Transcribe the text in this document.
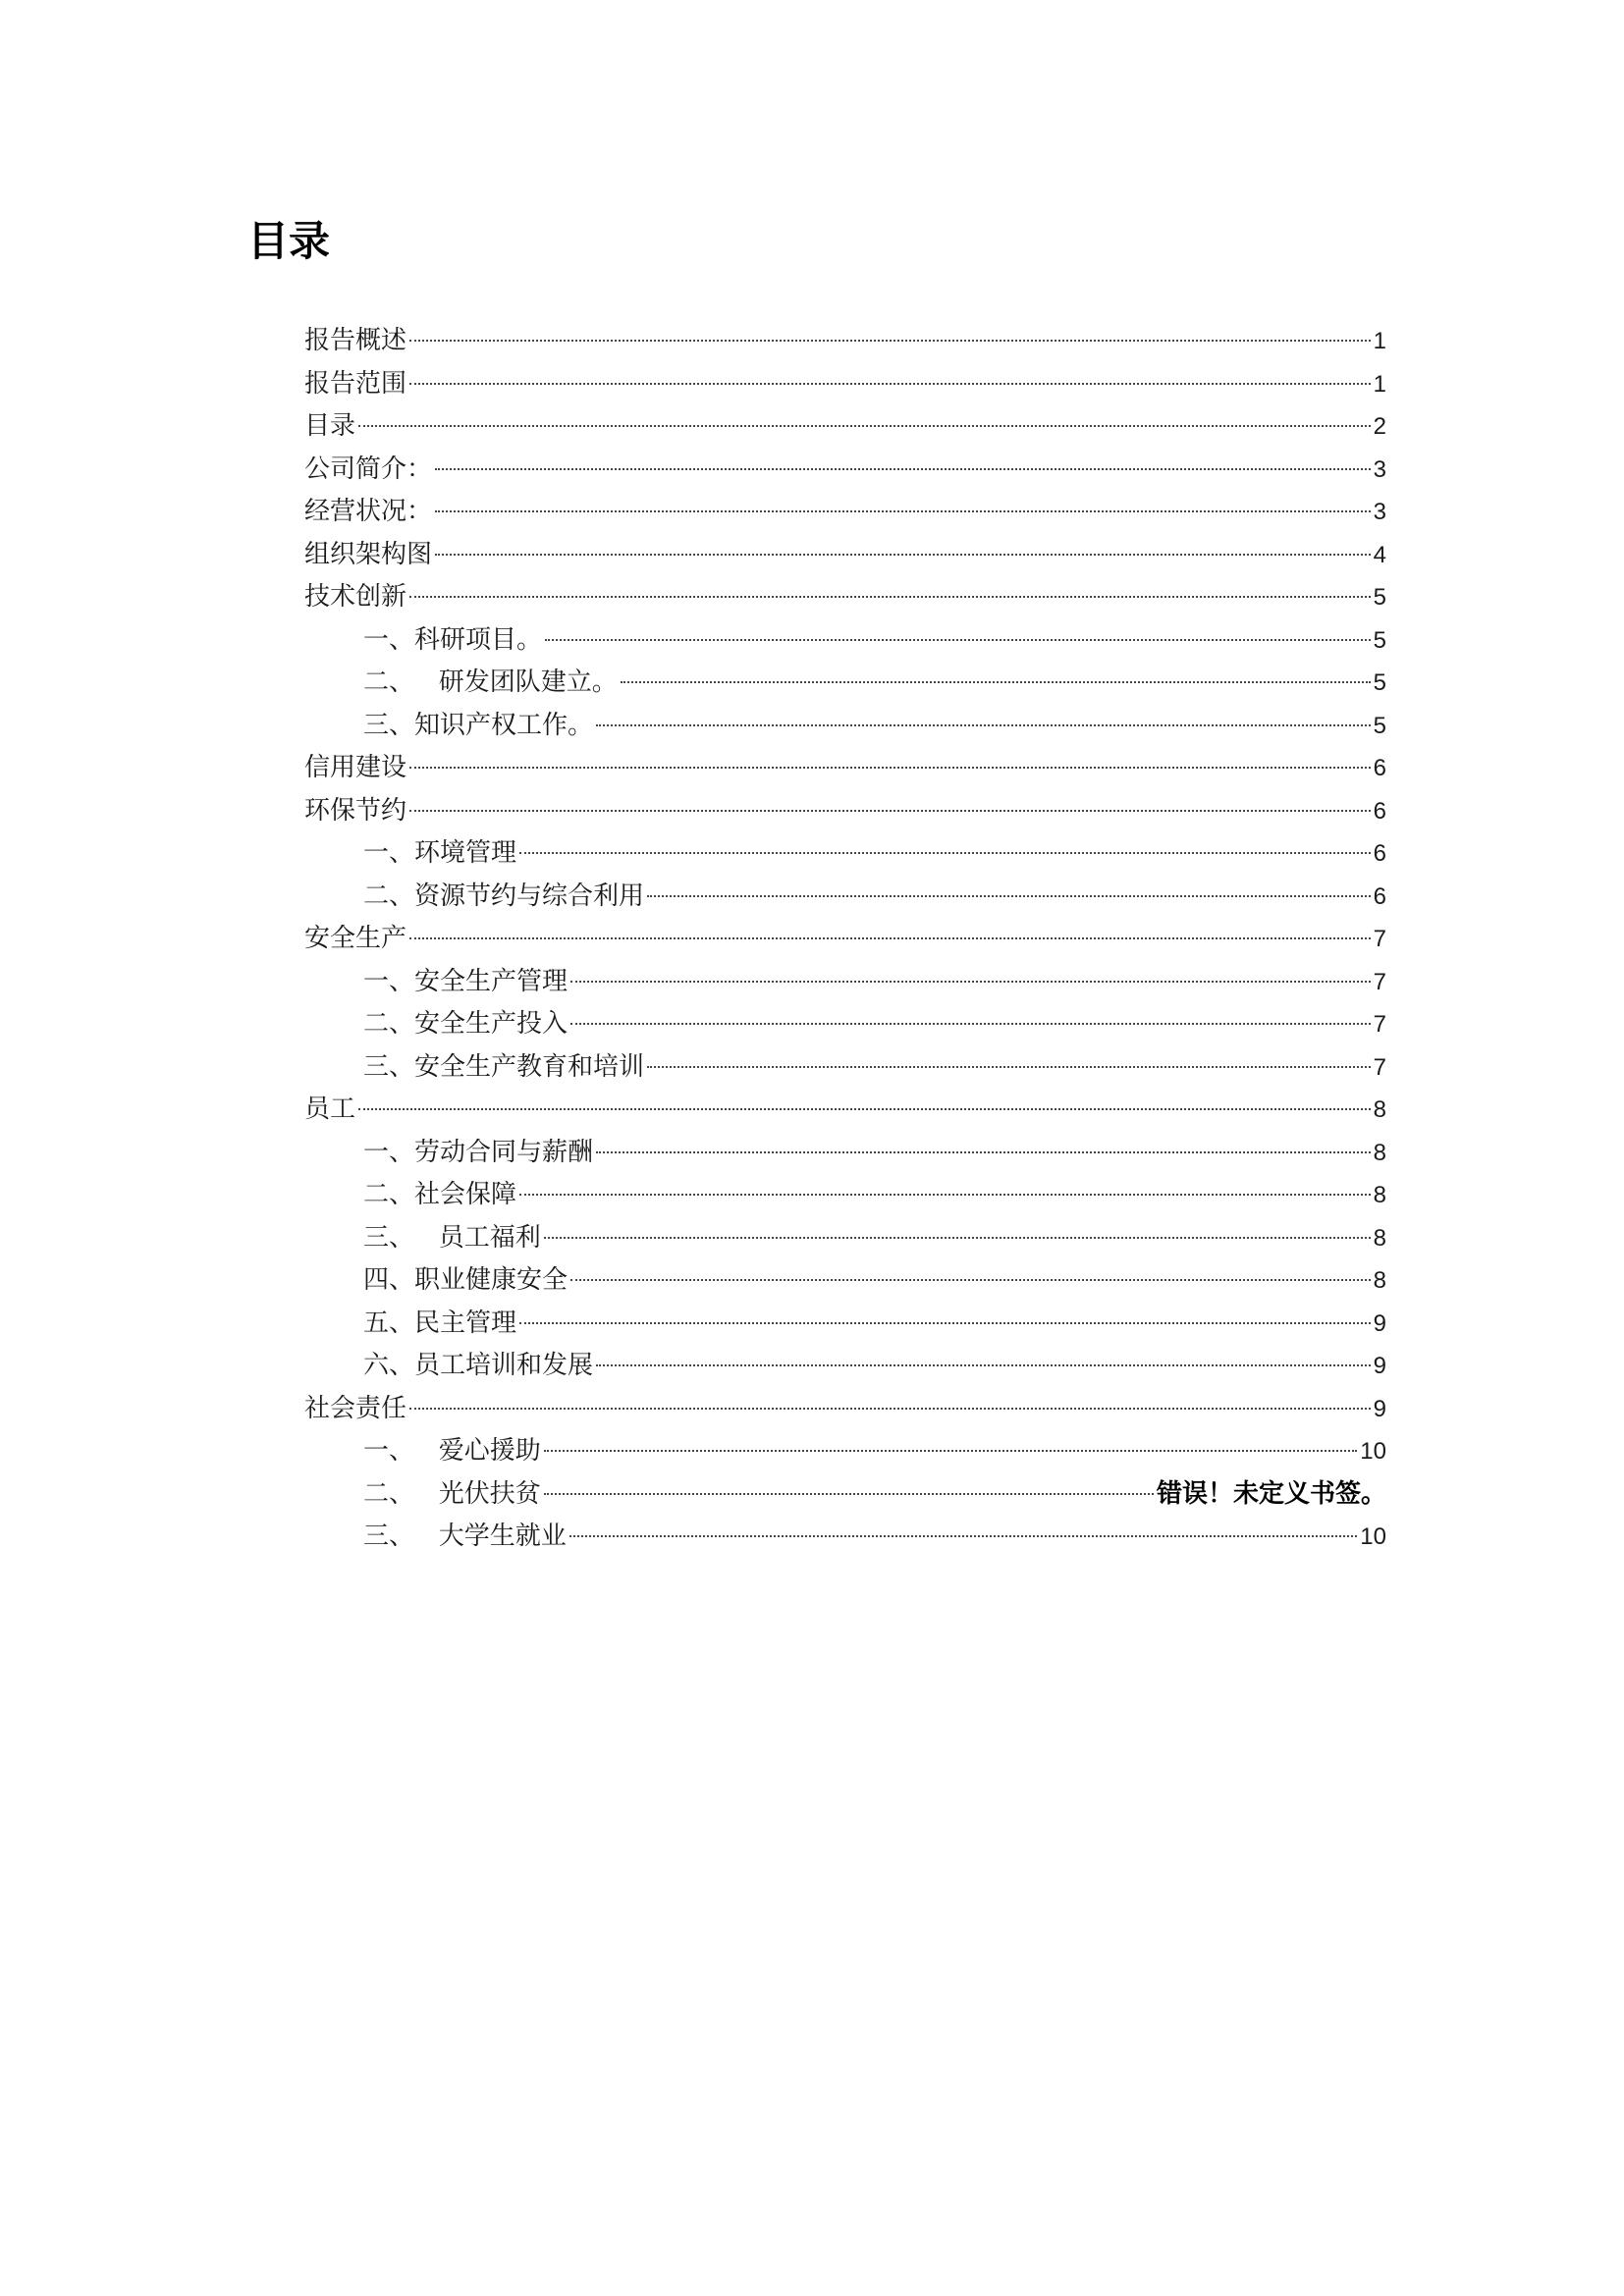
目录
报告概述	1
报告范围	1
目录	2
公司简介：	3
经营状况：	3
组织架构图	4
技术创新	5
一、科研项目。	5
二、   研发团队建立。	5
三、知识产权工作。	5
信用建设	6
环保节约	6
一、环境管理	6
二、资源节约与综合利用	6
安全生产	7
一、安全生产管理	7
二、安全生产投入	7
三、安全生产教育和培训	7
员工	8
一、劳动合同与薪酬	8
二、社会保障	8
三、   员工福利	8
四、职业健康安全	8
五、民主管理	9
六、员工培训和发展	9
社会责任	9
一、   爱心援助	10
二、   光伏扶贫	错误！未定义书签。
三、   大学生就业	10
